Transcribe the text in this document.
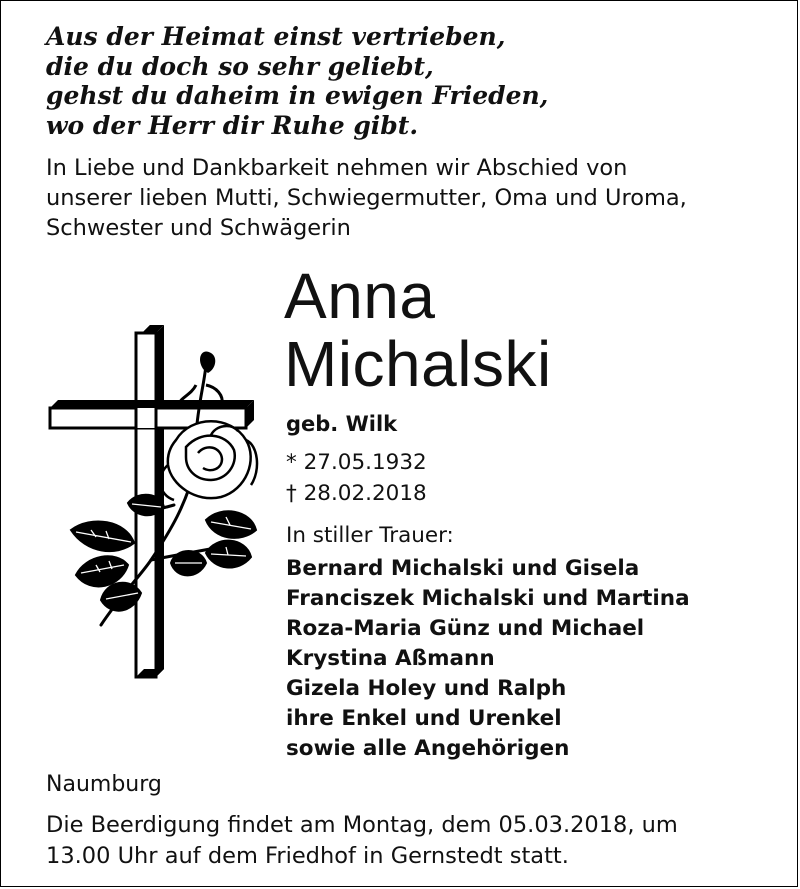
Aus der Heimat einst vertrieben,
die du doch so sehr geliebt,
gehst du daheim in ewigen Frieden,
wo der Herr dir Ruhe gibt.
In Liebe und Dankbarkeit nehmen wir Abschied von
unserer lieben Mutti, Schwiegermutter, Oma und Uroma,
Schwester und Schwägerin
Anna
Michalski
geb. Wilk
* 27.05.1932
† 28.02.2018
In stiller Trauer:
Bernard Michalski und Gisela
Franciszek Michalski und Martina
Roza-Maria Günz und Michael
Krystina Aßmann
Gizela Holey und Ralph
ihre Enkel und Urenkel
sowie alle Angehörigen
Naumburg
Die Beerdigung findet am Montag, dem 05.03.2018, um
13.00 Uhr auf dem Friedhof in Gernstedt statt.
